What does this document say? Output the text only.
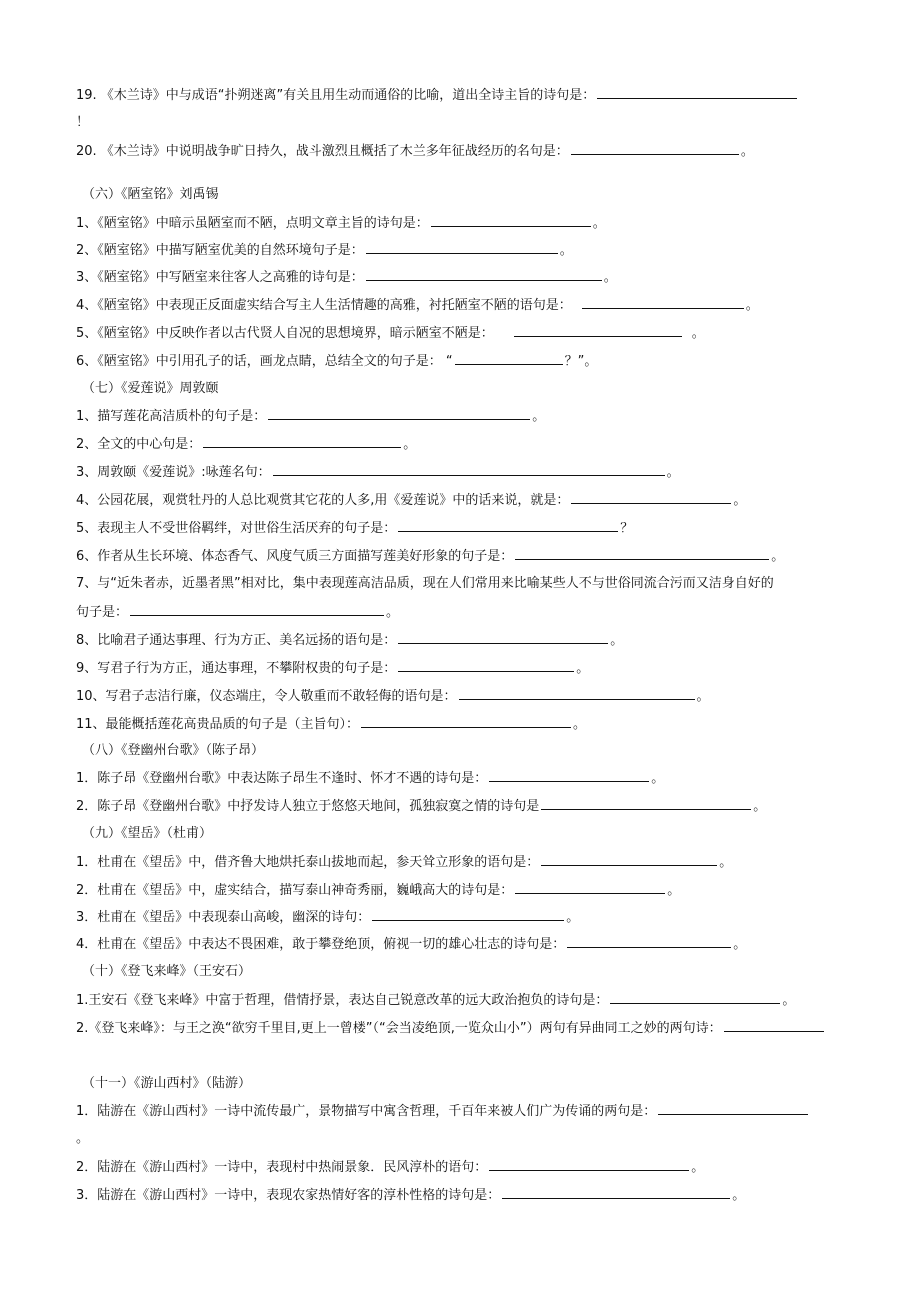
19. 《木兰诗》中与成语“扑朔迷离”有关且用生动而通俗的比喻，道出全诗主旨的诗句是：
！
20. 《木兰诗》中说明战争旷日持久，战斗激烈且概括了木兰多年征战经历的名句是：	。
（六）《陋室铭》刘禹锡
1、《陋室铭》中暗示虽陋室而不陋，点明文章主旨的诗句是：	。
2、《陋室铭》中描写陋室优美的自然环境句子是：	。
3、《陋室铭》中写陋室来往客人之高雅的诗句是：	。
4、《陋室铭》中表现正反面虚实结合写主人生活情趣的高雅，衬托陋室不陋的语句是：	。
5、《陋室铭》中反映作者以古代贤人自况的思想境界，暗示陋室不陋是：	。
6、《陋室铭》中引用孔子的话，画龙点睛，总结全文的句子是： “	？”。
（七）《爱莲说》周敦颐
1、描写莲花高洁质朴的句子是：	。
2、全文的中心句是：	。
3、周敦颐《爱莲说》:咏莲名句：	。
4、公园花展，观赏牡丹的人总比观赏其它花的人多,用《爱莲说》中的话来说，就是：	。
5、表现主人不受世俗羁绊，对世俗生活厌弃的句子是：	？
6、作者从生长环境、体态香气、风度气质三方面描写莲美好形象的句子是：	。
7、与“近朱者赤，近墨者黑”相对比，集中表现莲高洁品质，现在人们常用来比喻某些人不与世俗同流合污而又洁身自好的
句子是：	。
8、比喻君子通达事理、行为方正、美名远扬的语句是：	。
9、写君子行为方正，通达事理，不攀附权贵的句子是：	。
10、写君子志洁行廉，仪态端庄，令人敬重而不敢轻侮的语句是：	。
11、最能概括莲花高贵品质的句子是（主旨句）：	。
（八）《登幽州台歌》（陈子昂）
1．陈子昂《登幽州台歌》中表达陈子昂生不逢时、怀才不遇的诗句是：	。
2．陈子昂《登幽州台歌》中抒发诗人独立于悠悠天地间，孤独寂寞之情的诗句是	。
（九）《望岳》（杜甫）
1．杜甫在《望岳》中，借齐鲁大地烘托泰山拔地而起，参天耸立形象的语句是：	。
2．杜甫在《望岳》中，虚实结合，描写泰山神奇秀丽，巍峨高大的诗句是：	。
3．杜甫在《望岳》中表现泰山高峻，幽深的诗句：	。
4．杜甫在《望岳》中表达不畏困难，敢于攀登绝顶，俯视一切的雄心壮志的诗句是：	。
（十）《登飞来峰》（王安石）
1.王安石《登飞来峰》中富于哲理，借情抒景，表达自己锐意改革的远大政治抱负的诗句是：	。
2.《登飞来峰》：与王之涣“欲穷千里目,更上一曾楼”（“会当凌绝顶,一览众山小”）两句有异曲同工之妙的两句诗：
（十一）《游山西村》（陆游）
1．陆游在《游山西村》一诗中流传最广，景物描写中寓含哲理，千百年来被人们广为传诵的两句是：
。
2．陆游在《游山西村》一诗中，表现村中热闹景象．民风淳朴的语句：	。
3．陆游在《游山西村》一诗中，表现农家热情好客的淳朴性格的诗句是：	。
